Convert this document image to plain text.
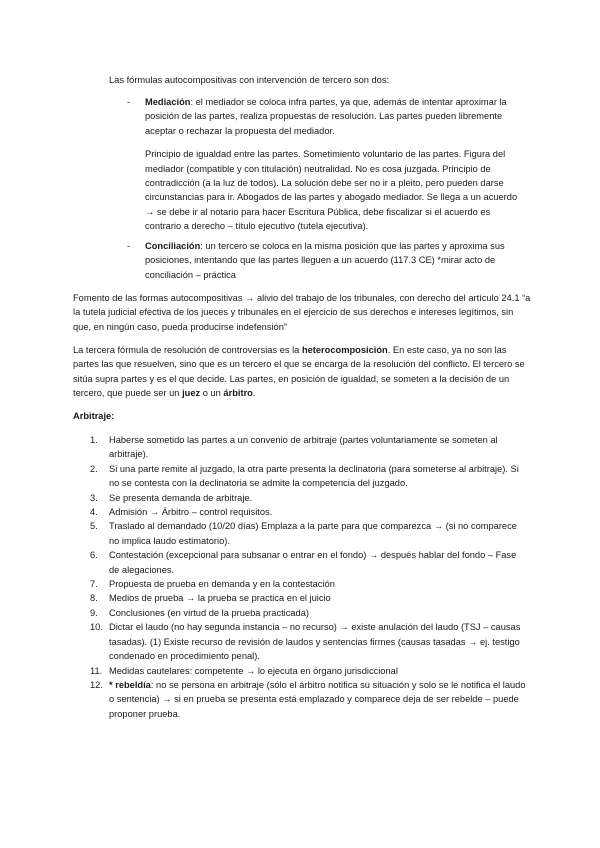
Las fórmulas autocompositivas con intervención de tercero son dos:
- Mediación: el mediador se coloca infra partes, ya que, además de intentar aproximar la posición de las partes, realiza propuestas de resolución. Las partes pueden libremente aceptar o rechazar la propuesta del mediador.
Principio de igualdad entre las partes. Sometimiento voluntario de las partes. Figura del mediador (compatible y con titulación) neutralidad. No es cosa juzgada. Principio de contradicción (a la luz de todos). La solución debe ser no ir a pleito, pero pueden darse circunstancias para ir. Abogados de las partes y abogado mediador. Se llega a un acuerdo → se debe ir al notario para hacer Escritura Pública, debe fiscalizar si el acuerdo es contrario a derecho – título ejecutivo (tutela ejecutiva).
- Conciliación: un tercero se coloca en la misma posición que las partes y aproxima sus posiciones, intentando que las partes lleguen a un acuerdo (117.3 CE) *mirar acto de conciliación – práctica
Fomento de las formas autocompositivas → alivio del trabajo de los tribunales, con derecho del artículo 24.1 “a la tutela judicial efectiva de los jueces y tribunales en el ejercicio de sus derechos e intereses legítimos, sin que, en ningún caso, pueda producirse indefensión”
La tercera fórmula de resolución de controversias es la heterocomposición. En este caso, ya no son las partes las que resuelven, sino que es un tercero el que se encarga de la resolución del conflicto. El tercero se sitúa supra partes y es el que decide. Las partes, en posición de igualdad, se someten a la decisión de un tercero, que puede ser un juez o un árbitro.
Arbitraje:
1. Haberse sometido las partes a un convenio de arbitraje (partes voluntariamente se someten al arbitraje).
2. Si una parte remite al juzgado, la otra parte presenta la declinatoria (para someterse al arbitraje). Si no se contesta con la declinatoria se admite la competencia del juzgado.
3. Se presenta demanda de arbitraje.
4. Admisión → Árbitro – control requisitos.
5. Traslado al demandado (10/20 días) Emplaza a la parte para que comparezca → (si no comparece no implica laudo estimatorio).
6. Contestación (excepcional para subsanar o entrar en el fondo) → después hablar del fondo – Fase de alegaciones.
7. Propuesta de prueba en demanda y en la contestación
8. Medios de prueba → la prueba se practica en el juicio
9. Conclusiones (en virtud de la prueba practicada)
10. Dictar el laudo (no hay segunda instancia – no recurso) → existe anulación del laudo (TSJ – causas tasadas). (1) Existe recurso de revisión de laudos y sentencias firmes (causas tasadas → ej. testigo condenado en procedimiento penal).
11. Medidas cautelares: competente → lo ejecuta en órgano jurisdiccional
12. * rebeldía: no se persona en arbitraje (sólo el árbitro notifica su situación y solo se le notifica el laudo o sentencia) → si en prueba se presenta está emplazado y comparece deja de ser rebelde – puede proponer prueba.
